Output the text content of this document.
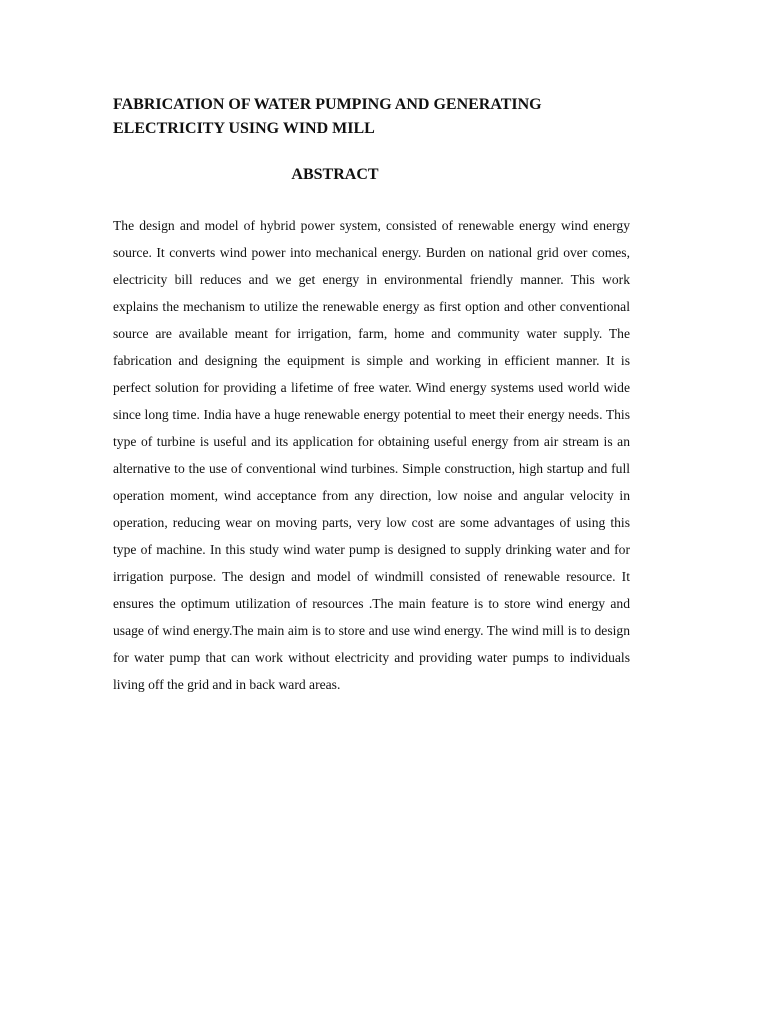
FABRICATION OF WATER PUMPING AND GENERATING
ELECTRICITY USING WIND MILL
ABSTRACT

The design and model of hybrid power system, consisted of renewable energy wind energy source. It converts wind power into mechanical energy. Burden on national grid over comes, electricity bill reduces and we get energy in environmental friendly manner. This work explains the mechanism to utilize the renewable energy as first option and other conventional source are available meant for irrigation, farm, home and community water supply. The fabrication and designing the equipment is simple and working in efficient manner. It is perfect solution for providing a lifetime of free water. Wind energy systems used world wide since long time. India have a huge renewable energy potential to meet their energy needs. This type of turbine is useful and its application for obtaining useful energy from air stream is an alternative to the use of conventional wind turbines. Simple construction, high startup and full operation moment, wind acceptance from any direction, low noise and angular velocity in operation, reducing wear on moving parts, very low cost are some advantages of using this type of machine. In this study wind water pump is designed to supply drinking water and for irrigation purpose. The design and model of windmill consisted of renewable resource. It ensures the optimum utilization of resources .The main feature is to store wind energy and usage of wind energy.The main aim is to store and use wind energy. The wind mill is to design for water pump that can work without electricity and providing water pumps to individuals living off the grid and in back ward areas.
